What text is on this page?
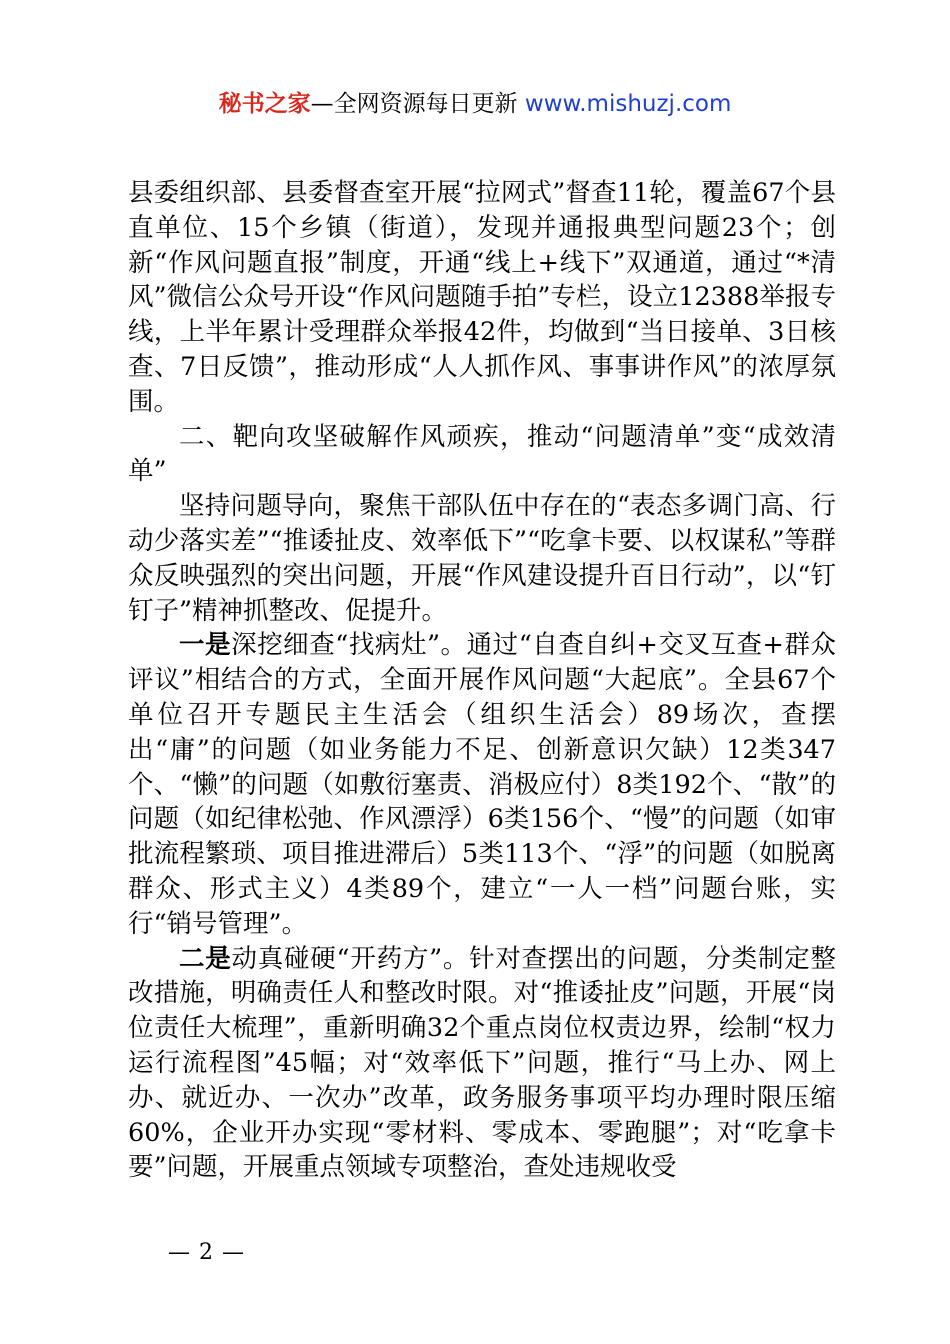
秘书之家—全网资源每日更新 www.mishuzj.com

县委组织部、县委督查室开展“拉网式”督查11轮，覆盖67个县直单位、15个乡镇（街道），发现并通报典型问题23个；创新“作风问题直报”制度，开通“线上+线下”双通道，通过“*清风”微信公众号开设“作风问题随手拍”专栏，设立12388举报专线，上半年累计受理群众举报42件，均做到“当日接单、3日核查、7日反馈”，推动形成“人人抓作风、事事讲作风”的浓厚氛围。

二、靶向攻坚破解作风顽疾，推动“问题清单”变“成效清单”

坚持问题导向，聚焦干部队伍中存在的“表态多调门高、行动少落实差”“推诿扯皮、效率低下”“吃拿卡要、以权谋私”等群众反映强烈的突出问题，开展“作风建设提升百日行动”，以“钉钉子”精神抓整改、促提升。

一是深挖细查“找病灶”。通过“自查自纠+交叉互查+群众评议”相结合的方式，全面开展作风问题“大起底”。全县67个单位召开专题民主生活会（组织生活会）89场次，查摆出“庸”的问题（如业务能力不足、创新意识欠缺）12类347个、“懒”的问题（如敷衍塞责、消极应付）8类192个、“散”的问题（如纪律松弛、作风漂浮）6类156个、“慢”的问题（如审批流程繁琐、项目推进滞后）5类113个、“浮”的问题（如脱离群众、形式主义）4类89个，建立“一人一档”问题台账，实行“销号管理”。

二是动真碰硬“开药方”。针对查摆出的问题，分类制定整改措施，明确责任人和整改时限。对“推诿扯皮”问题，开展“岗位责任大梳理”，重新明确32个重点岗位权责边界，绘制“权力运行流程图”45幅；对“效率低下”问题，推行“马上办、网上办、就近办、一次办”改革，政务服务事项平均办理时限压缩60%，企业开办实现“零材料、零成本、零跑腿”；对“吃拿卡要”问题，开展重点领域专项整治，查处违规收受

— 2 —
